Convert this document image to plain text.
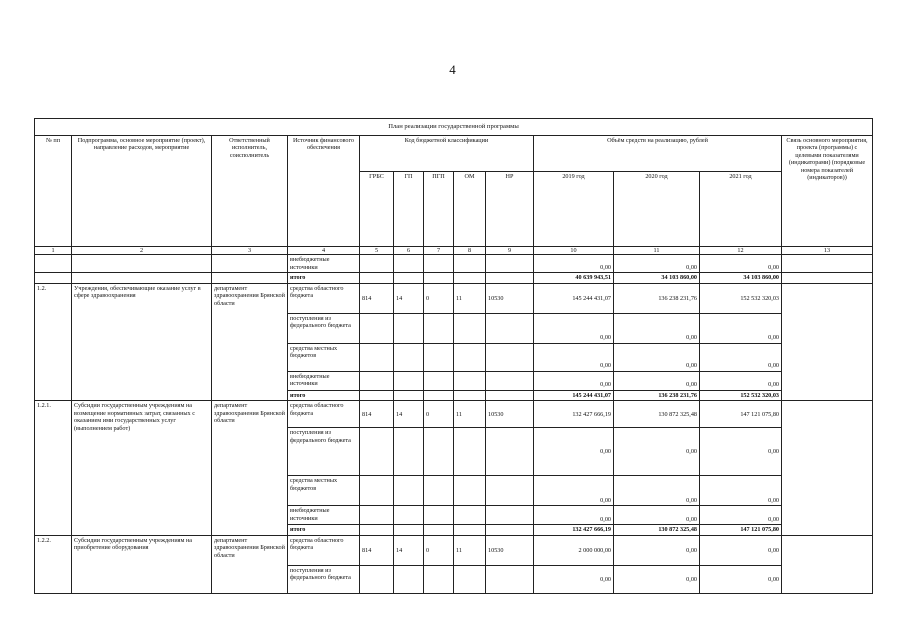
4
План реализации государственной программы												
№ пп	Подпрограмма, основное мероприятие (проект), направление расходов, мероприятие	Ответственный исполнитель, соисполнитель	Источник финансового обеспечения	Код бюджетной классификации					Объём средств на реализацию, рублей			Связь основного мероприятия, проекта (программы) с целевыми показателями (индикаторами) (порядковые номера показателей (индикаторов))
				ГРБС	ГП	ПГП	ОМ	НР	2019 год	2020 год	2021 год	
1	2	3	4	5	6	7	8	9	10	11	12	13
			внебюджетные источники						0,00	0,00	0,00	
			итого						40 639 943,51	34 103 860,00	34 103 860,00	
1.2.	Учреждения, обеспечивающие оказание услуг в сфере здравоохранения	департамент здравоохранения Брянской области	средства областного бюджета	814	14	0	11	10530	145 244 431,07	136 238 231,76	152 532 320,03	
			поступления из федерального бюджета						0,00	0,00	0,00	
			средства местных бюджетов						0,00	0,00	0,00	
			внебюджетные источники						0,00	0,00	0,00	
			итого						145 244 431,07	136 238 231,76	152 532 320,03	
1.2.1.	Субсидии государственным учреждениям на возмещение нормативных затрат, связанных с оказанием ими государственных услуг (выполнением работ)	департамент здравоохранения Брянской области	средства областного бюджета	814	14	0	11	10530	132 427 666,19	130 872 325,48	147 121 075,80	
			поступления из федерального бюджета						0,00	0,00	0,00	
			средства местных бюджетов						0,00	0,00	0,00	
			внебюджетные источники						0,00	0,00	0,00	
			итого						132 427 666,19	130 872 325,48	147 121 075,80	
1.2.2.	Субсидии государственным учреждениям на приобретение оборудования	департамент здравоохранения Брянской области	средства областного бюджета	814	14	0	11	10530	2 000 000,00	0,00	0,00	
			поступления из федерального бюджета						0,00	0,00	0,00	
